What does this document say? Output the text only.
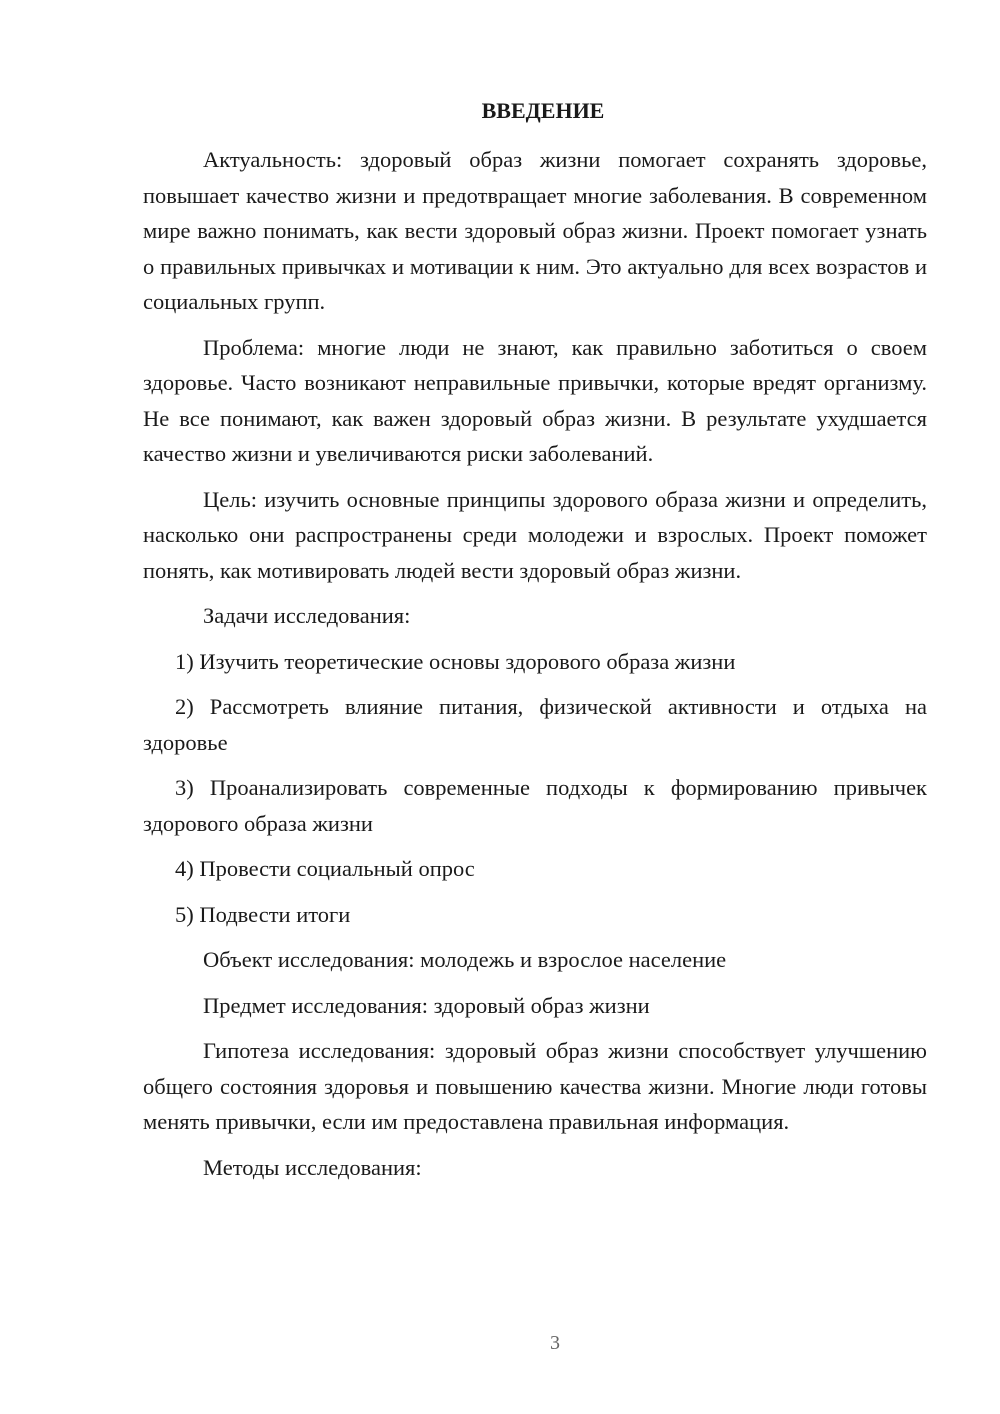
ВВЕДЕНИЕ

Актуальность: здоровый образ жизни помогает сохранять здоровье, повышает качество жизни и предотвращает многие заболевания. В современном мире важно понимать, как вести здоровый образ жизни. Проект помогает узнать о правильных привычках и мотивации к ним. Это актуально для всех возрастов и социальных групп.

Проблема: многие люди не знают, как правильно заботиться о своем здоровье. Часто возникают неправильные привычки, которые вредят организму. Не все понимают, как важен здоровый образ жизни. В результате ухудшается качество жизни и увеличиваются риски заболеваний.

Цель: изучить основные принципы здорового образа жизни и определить, насколько они распространены среди молодежи и взрослых. Проект поможет понять, как мотивировать людей вести здоровый образ жизни.

Задачи исследования:

1) Изучить теоретические основы здорового образа жизни

2) Рассмотреть влияние питания, физической активности и отдыха на здоровье

3) Проанализировать современные подходы к формированию привычек здорового образа жизни

4) Провести социальный опрос

5) Подвести итоги

Объект исследования: молодежь и взрослое население

Предмет исследования: здоровый образ жизни

Гипотеза исследования: здоровый образ жизни способствует улучшению общего состояния здоровья и повышению качества жизни. Многие люди готовы менять привычки, если им предоставлена правильная информация.

Методы исследования:

3
